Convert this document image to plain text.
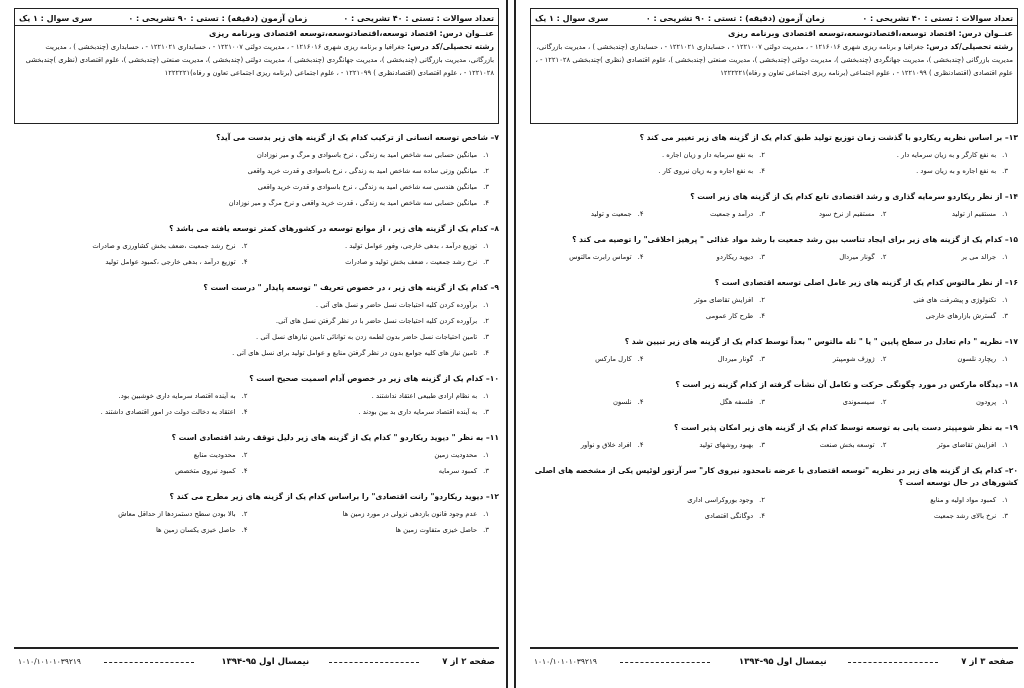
تعداد سوالات : تستی : ۴۰ تشریحی : ۰
زمان آزمون (دقیقه) : تستی : ۹۰ تشریحی : ۰
سری سوال : ۱ یک
عنــوان درس: اقتصاد توسعه،اقتصادتوسعه،توسعه اقتصادی وبرنامه ریزی
رشته تحصیلی/کد درس: جغرافیا و برنامه ریزی شهری ۱۲۱۶۰۱۶ - ، مدیریت دولتی ۱۲۲۱۰۰۷ - ، حسابداری ۱۲۲۱۰۲۱ - ، حسابداری (چندبخشی ) ، مدیریت بازرگانی، مدیریت بازرگانی (چندبخشی )، مدیریت جهانگردی (چندبخشی )، مدیریت دولتی (چندبخشی )، مدیریت صنعتی (چندبخشی )، علوم اقتصادی (نظری )چندبخشی ۱۲۲۱۰۲۸ - ، علوم اقتصادی (اقتصادنظری ) ۱۲۲۱۰۹۹ - ، علوم اجتماعی (برنامه ریزی اجتماعی تعاون و رفاه)۱۲۲۲۲۲۱
۷– شاخص توسعه انسانی از ترکیب کدام یک از گزینه های زیر بدست می آید؟
۱.میانگین حسابی سه شاخص امید به زندگی ، نرخ باسوادی و مرگ و میر نوزادان
۲.میانگین وزنی ساده سه شاخص امید به زندگی ، نرخ باسوادی و قدرت خرید واقعی
۳.میانگین هندسی سه شاخص امید به زندگی ، نرخ باسوادی و قدرت خرید واقعی
۴.میانگین حسابی سه شاخص امید به زندگی ، قدرت خرید واقعی و نرخ مرگ و میر نوزادان
۸– کدام یک از گزینه های زیر ، از موانع توسعه در کشورهای کمتر توسعه یافته می باشد ؟
۱.توزیع درآمد ، بدهی خارجی، وفور عوامل تولید .
۲.نرخ رشد جمعیت ،ضعف بخش کشاورزی و صادرات
۳.نرخ رشد جمعیت ، ضعف بخش تولید و صادرات
۴.توزیع درآمد ، بدهی خارجی ،کمبود عوامل تولید
۹– کدام یک از گزینه های زیر ، در خصوص تعریف " توسعه پایدار " درست است ؟
۱.برآورده کردن کلیه احتیاجات نسل حاضر و نسل های آتی .
۲.برآورده کردن کلیه احتیاجات نسل حاضر با در نظر گرفتن نسل های آتی.
۳.تامین احتیاجات نسل حاضر بدون لطمه زدن به توانائی تامین نیازهای نسل آتی .
۴.تامین نیاز های کلیه جوامع بدون در نظر گرفتن منابع و عوامل تولید برای نسل های آتی .
۱۰– کدام یک از گزینه های زیر در خصوص آدام اسمیت صحیح است ؟
۱.به نظام ارادی طبیعی اعتقاد نداشتند .
۲.به آینده اقتصاد سرمایه داری خوشبین بود.
۳.به آینده اقتصاد سرمایه داری بد بین بودند .
۴.اعتقاد به دخالت دولت در امور اقتصادی داشتند .
۱۱– به نظر " دیوید ریکاردو " کدام یک از گزینه های زیر دلیل توقف رشد اقتصادی است ؟
۱.محدودیت زمین
۲.محدودیت منابع
۳.کمبود سرمایه
۴.کمبود نیروی متخصص
۱۲– دیوید ریکاردو" رانت اقتصادی" را براساس کدام یک از گزینه های زیر مطرح می کند ؟
۱.عدم وجود قانون بازدهی نزولی در مورد زمین ها
۲.بالا بودن سطح دستمزدها از حداقل معاش
۳.حاصل خیزی متفاوت زمین ها
۴.حاصل خیزی یکسان زمین ها
صفحه ۲ از ۷
نیمسال اول ۹۵-۱۳۹۴
۱۰۱۰/۱۰۱۰۱۰۳۹۲۱۹
تعداد سوالات : تستی : ۴۰ تشریحی : ۰
زمان آزمون (دقیقه) : تستی : ۹۰ تشریحی : ۰
سری سوال : ۱ یک
عنــوان درس: اقتصاد توسعه،اقتصادتوسعه،توسعه اقتصادی وبرنامه ریزی
رشته تحصیلی/کد درس: جغرافیا و برنامه ریزی شهری ۱۲۱۶۰۱۶ - ، مدیریت دولتی ۱۲۲۱۰۰۷ - ، حسابداری ۱۲۲۱۰۲۱ - ، حسابداری (چندبخشی ) ، مدیریت بازرگانی، مدیریت بازرگانی (چندبخشی )، مدیریت جهانگردی (چندبخشی )، مدیریت دولتی (چندبخشی )، مدیریت صنعتی (چندبخشی )، علوم اقتصادی (نظری )چندبخشی ۱۲۲۱۰۲۸ - ، علوم اقتصادی (اقتصادنظری ) ۱۲۲۱۰۹۹ - ، علوم اجتماعی (برنامه ریزی اجتماعی تعاون و رفاه)۱۲۲۲۲۲۱
۱۳– بر اساس نظریه ریکاردو با گذشت زمان توزیع تولید طبق کدام یک از گزینه های زیر تغییر می کند ؟
۱.به نفع کارگر و به زیان سرمایه دار .
۲.به نفع سرمایه دار و زیان اجاره .
۳.به نفع اجاره و به زیان سود .
۴.به نفع اجاره و به زیان نیروی کار .
۱۴– از نظر ریکاردو سرمایه گذاری و رشد اقتصادی تابع کدام یک از گزینه های زیر است ؟
۱.مستقیم از تولید
۲.مستقیم از نرخ سود
۳.درآمد و جمعیت
۴.جمعیت و تولید
۱۵– کدام یک از گزینه های زیر برای ایجاد تناسب بین رشد جمعیت با رشد مواد غذائی " پرهیز اخلاقی" را توصیه می کند ؟
۱.جرالد می یر
۲.گونار میردال
۳.دیوید ریکاردو
۴.توماس رابرت مالتوس
۱۶– از نظر مالتوس کدام یک از گزینه های زیر عامل اصلی توسعه اقتصادی است ؟
۱.تکنولوژی و پیشرفت های فنی
۲.افزایش تقاضای موثر
۳.گسترش بازارهای خارجی
۴.طرح کار عمومی
۱۷– نظریه " دام تعادل در سطح پایین " یا " تله مالتوس " بعداً توسط کدام یک از گزینه های زیر تبیین شد ؟
۱.ریچارد نلسون
۲.ژوزف شومپیتر
۳.گونار میردال
۴.کارل مارکس
۱۸– دیدگاه مارکس در مورد چگونگی حرکت و تکامل آن نشأت گرفته از کدام گزینه زیر است ؟
۱.پرودون
۲.سیسموندی
۳.فلسفه هگل
۴.نلسون
۱۹– به نظر شومپیتر دست یابی به توسعه توسط کدام یک از گزینه های زیر امکان پذیر است ؟
۱.افزایش تقاضای موثر
۲.توسعه بخش صنعت
۳.بهبود روشهای تولید
۴.افراد خلاق و نوآور
۲۰– کدام یک از گزینه های زیر در نظریه "توسعه اقتصادی با عرضه نامحدود نیروی کار" سر آرتور لوئیس یکی از مشخصه های اصلی کشورهای در حال توسعه است ؟
۱.کمبود مواد اولیه و منابع
۲.وجود بوروکراسی اداری
۳.نرخ بالای رشد جمعیت
۴.دوگانگی اقتصادی
صفحه ۳ از ۷
نیمسال اول ۹۵-۱۳۹۴
۱۰۱۰/۱۰۱۰۱۰۳۹۲۱۹
